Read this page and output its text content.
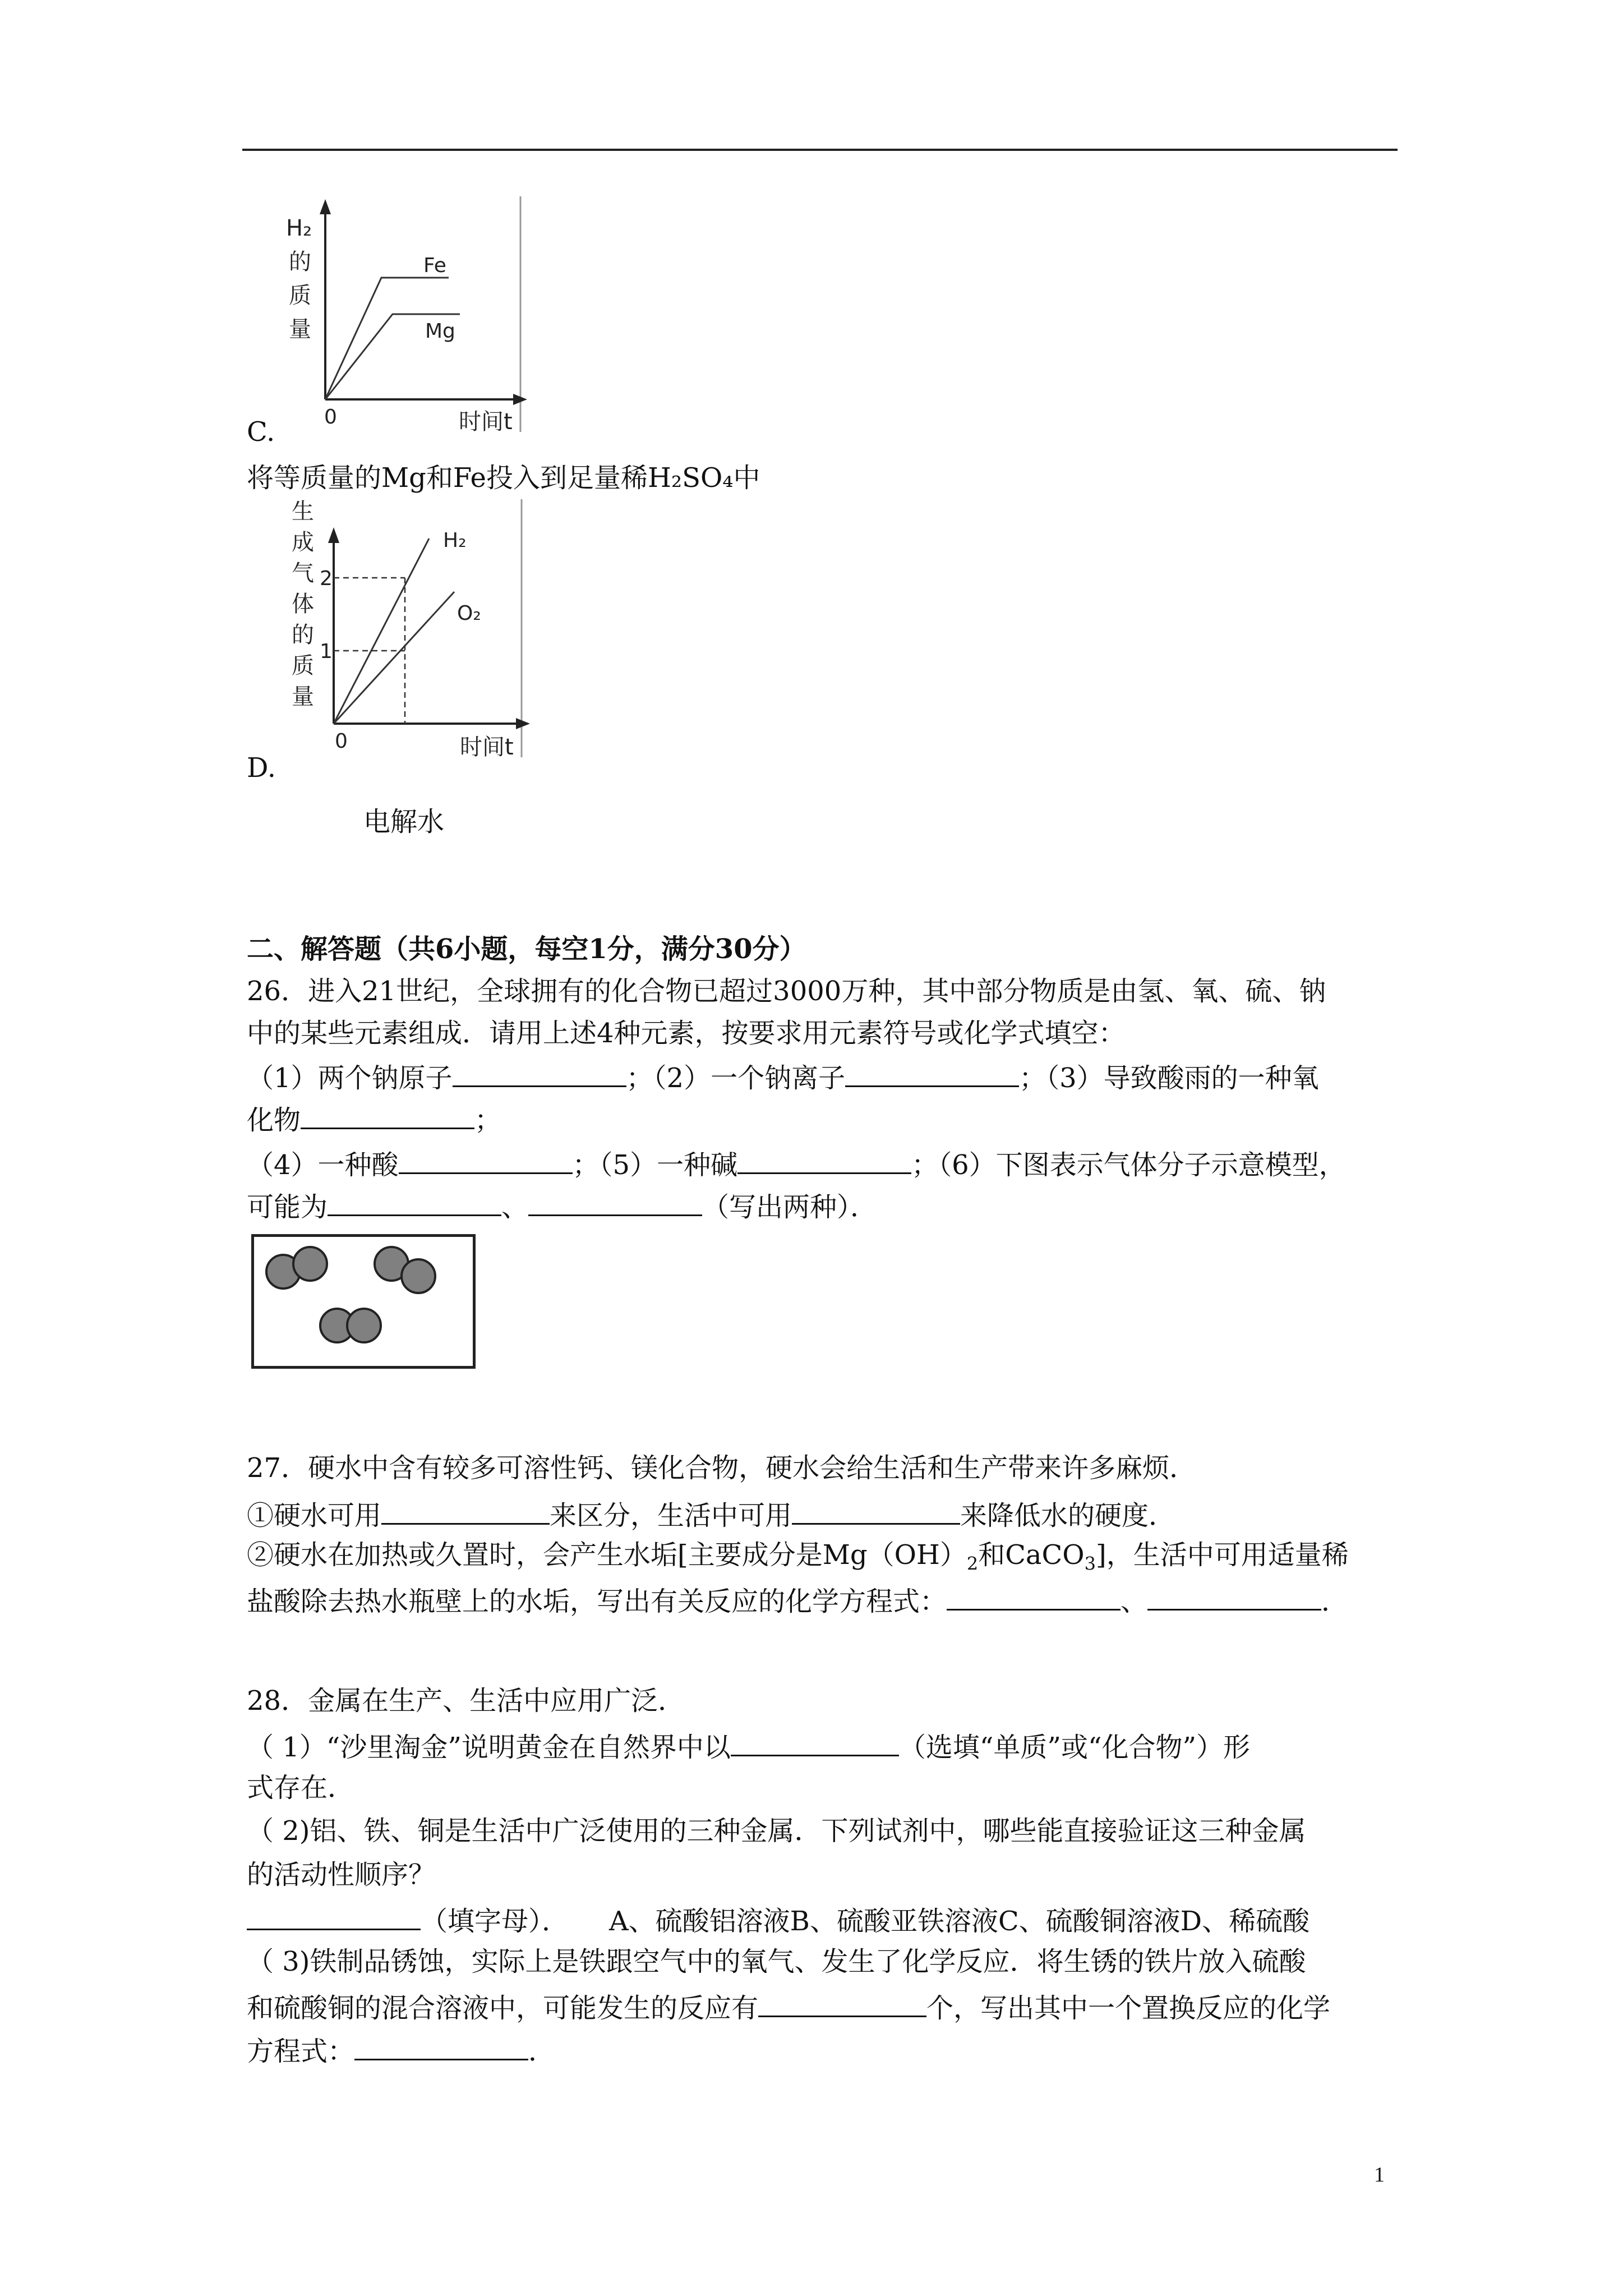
H₂
的
质
量
Fe
Mg
0	时间t
C.
将等质量的Mg和Fe投入到足量稀H₂SO₄中
生
成
气
体
的
质
量
2
1
H₂
O₂
0	时间t
D.
电解水
二、解答题（共6小题，每空1分，满分30分）
26．进入21世纪，全球拥有的化合物已超过3000万种，其中部分物质是由氢、氧、硫、钠
中的某些元素组成．请用上述4种元素，按要求用元素符号或化学式填空：
（1）两个钠原子	；（2）一个钠离子	；（3）导致酸雨的一种氧
化物	；
（4）一种酸	；（5）一种碱	；（6）下图表示气体分子示意模型，
可能为	、	（写出两种）．
27．硬水中含有较多可溶性钙、镁化合物，硬水会给生活和生产带来许多麻烦．
①硬水可用	来区分，生活中可用	来降低水的硬度．
②硬水在加热或久置时，会产生水垢[主要成分是$Mg(OH)_2$和CaCO$_3$]，生活中可用适量稀
盐酸除去热水瓶壁上的水垢，写出有关反应的化学方程式：	、	．
28．金属在生产、生活中应用广泛．
（ 1）“沙里淘金”说明黄金在自然界中以	（选填“单质”或“化合物”）形
式存在．
（ 2)铝、铁、铜是生活中广泛使用的三种金属．下列试剂中，哪些能直接验证这三种金属
的活动性顺序？
（填字母）．　　A、硫酸铝溶液B、硫酸亚铁溶液C、硫酸铜溶液D、稀硫酸
（ 3)铁制品锈蚀，实际上是铁跟空气中的氧气、发生了化学反应．将生锈的铁片放入硫酸
和硫酸铜的混合溶液中，可能发生的反应有	个，写出其中一个置换反应的化学
方程式：	．
1
